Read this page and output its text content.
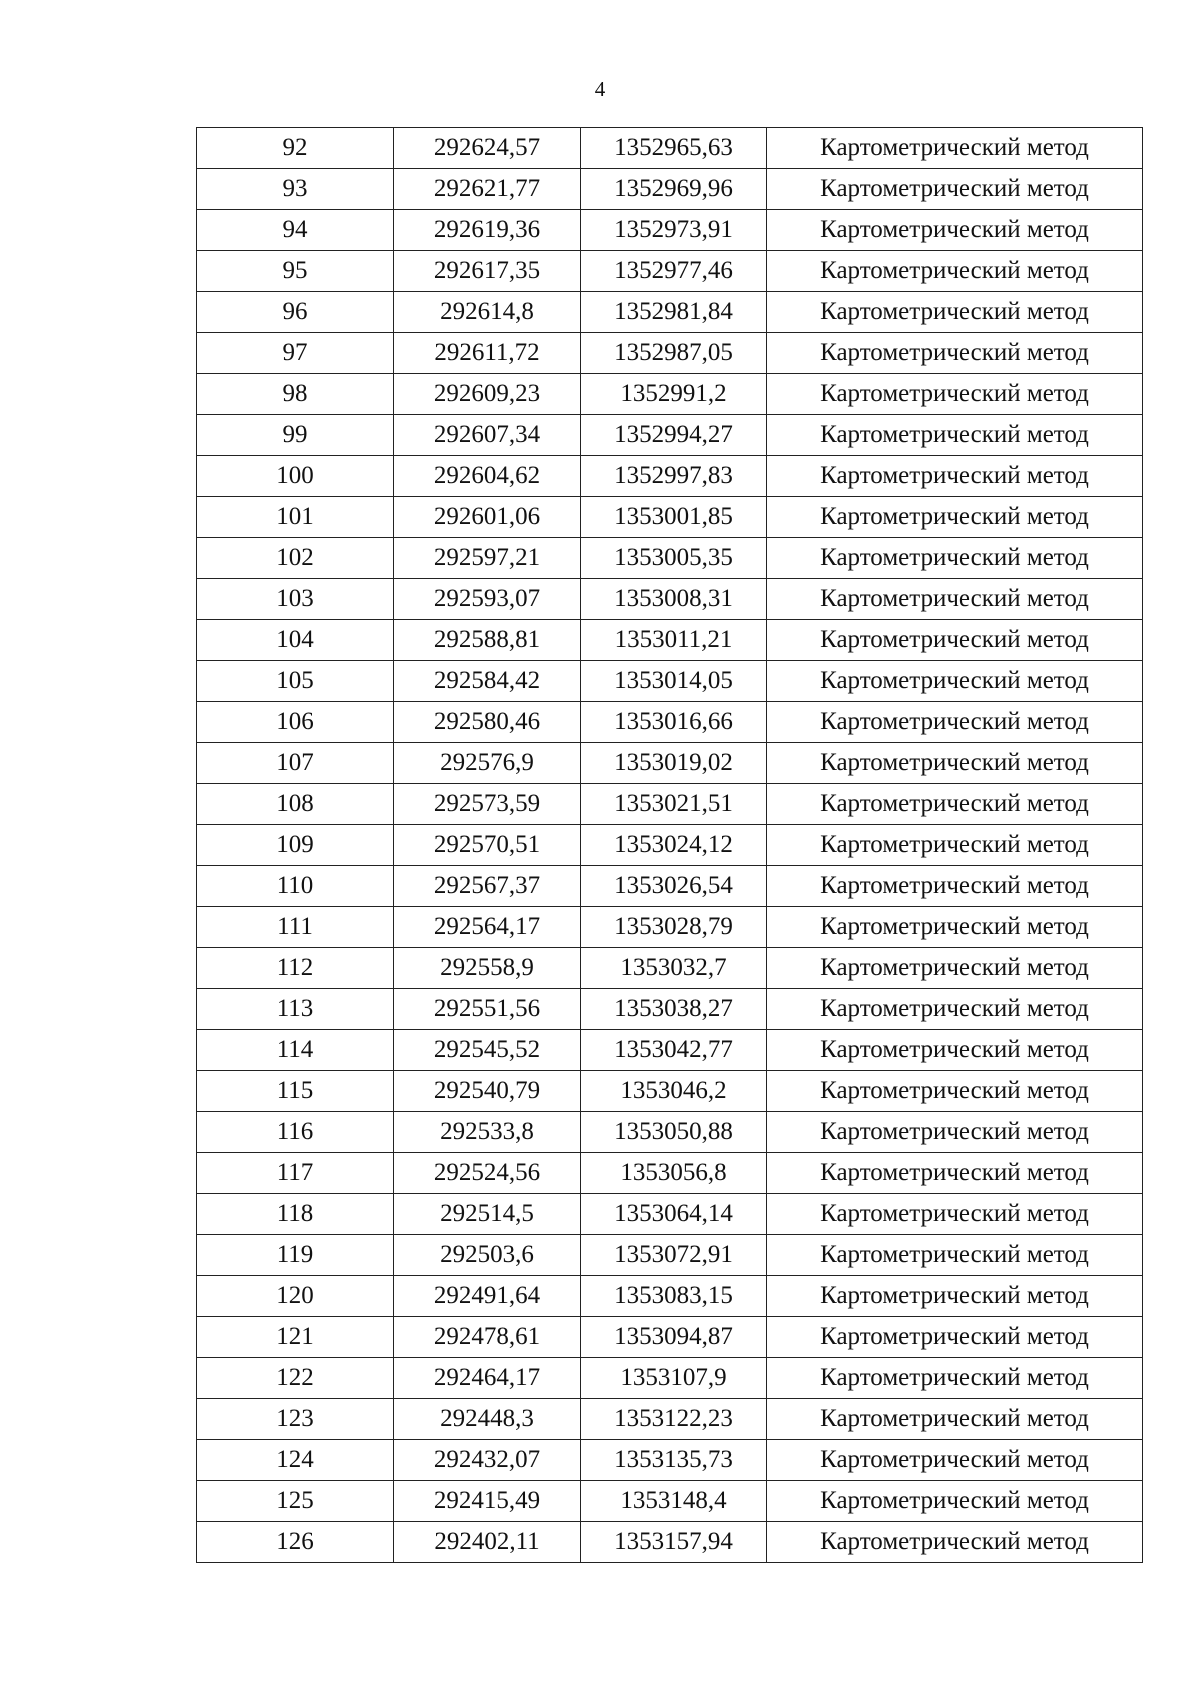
4
92	292624,57	1352965,63	Картометрический метод
93	292621,77	1352969,96	Картометрический метод
94	292619,36	1352973,91	Картометрический метод
95	292617,35	1352977,46	Картометрический метод
96	292614,8	1352981,84	Картометрический метод
97	292611,72	1352987,05	Картометрический метод
98	292609,23	1352991,2	Картометрический метод
99	292607,34	1352994,27	Картометрический метод
100	292604,62	1352997,83	Картометрический метод
101	292601,06	1353001,85	Картометрический метод
102	292597,21	1353005,35	Картометрический метод
103	292593,07	1353008,31	Картометрический метод
104	292588,81	1353011,21	Картометрический метод
105	292584,42	1353014,05	Картометрический метод
106	292580,46	1353016,66	Картометрический метод
107	292576,9	1353019,02	Картометрический метод
108	292573,59	1353021,51	Картометрический метод
109	292570,51	1353024,12	Картометрический метод
110	292567,37	1353026,54	Картометрический метод
111	292564,17	1353028,79	Картометрический метод
112	292558,9	1353032,7	Картометрический метод
113	292551,56	1353038,27	Картометрический метод
114	292545,52	1353042,77	Картометрический метод
115	292540,79	1353046,2	Картометрический метод
116	292533,8	1353050,88	Картометрический метод
117	292524,56	1353056,8	Картометрический метод
118	292514,5	1353064,14	Картометрический метод
119	292503,6	1353072,91	Картометрический метод
120	292491,64	1353083,15	Картометрический метод
121	292478,61	1353094,87	Картометрический метод
122	292464,17	1353107,9	Картометрический метод
123	292448,3	1353122,23	Картометрический метод
124	292432,07	1353135,73	Картометрический метод
125	292415,49	1353148,4	Картометрический метод
126	292402,11	1353157,94	Картометрический метод
